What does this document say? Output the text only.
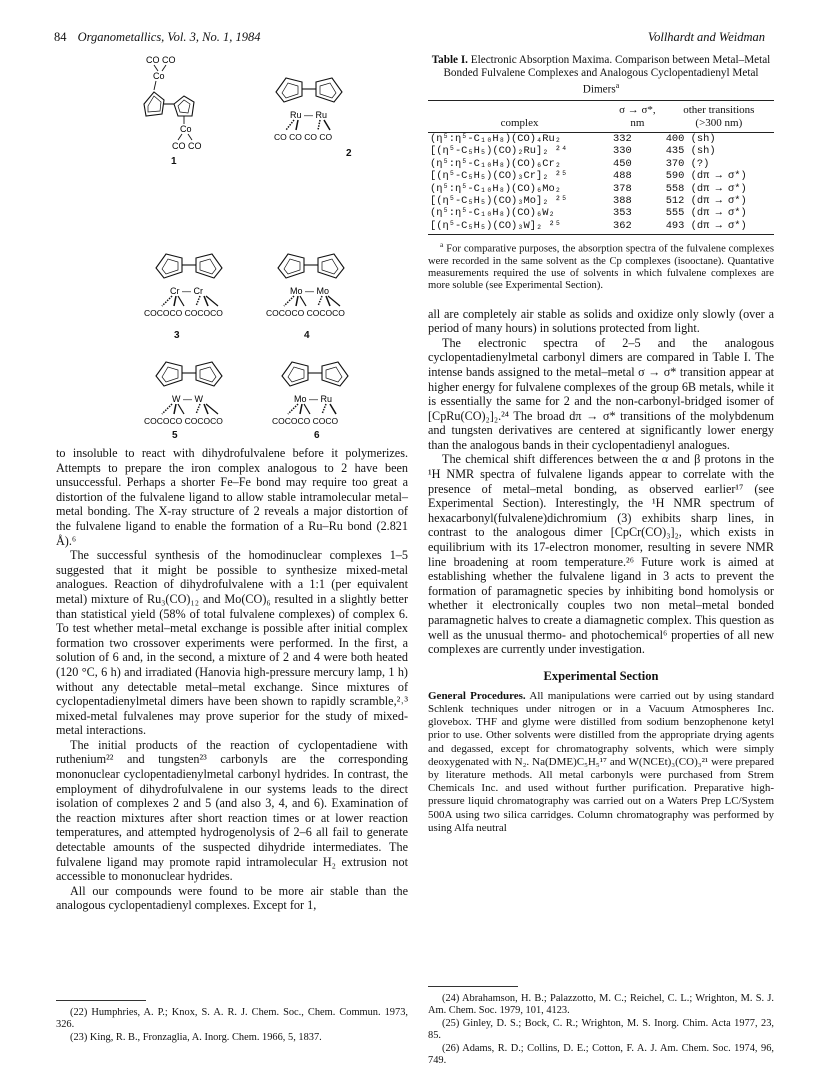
84 Organometallics, Vol. 3, No. 1, 1984	Vollhardt and Weidman
CO CO
Co
Co
CO CO
1
Ru — Ru
CO CO CO CO
2
Cr — Cr
COCOCO COCOCO
3
Mo — Mo
COCOCO COCOCO
4
W — W
COCOCO COCOCO
5
Mo — Ru
COCOCO COCO
6

to insoluble to react with dihydrofulvalene before it polymerizes. Attempts to prepare the iron complex analogous to 2 have been unsuccessful. Perhaps a shorter Fe–Fe bond may require too great a distortion of the fulvalene ligand to allow stable intramolecular metal–metal bonding. The X-ray structure of 2 reveals a major distortion of the fulvalene ligand to enable the formation of a Ru–Ru bond (2.821 Å).⁶

The successful synthesis of the homodinuclear complexes 1–5 suggested that it might be possible to synthesize mixed-metal analogues. Reaction of dihydrofulvalene with a 1:1 (per equivalent metal) mixture of Ru₃(CO)₁₂ and Mo(CO)₆ resulted in a slightly better than statistical yield (58% of total fulvalene complexes) of complex 6. To test whether metal–metal exchange is possible after initial complex formation two crossover experiments were performed. In the first, a solution of 6 and, in the second, a mixture of 2 and 4 were both heated (120 °C, 6 h) and irradiated (Hanovia high-pressure mercury lamp, 1 h) without any detectable metal–metal exchange. Since mixtures of cyclopentadienylmetal dimers have been shown to rapidly scramble,²˒³ mixed-metal fulvalenes may prove superior for the study of mixed-metal interactions.

The initial products of the reaction of cyclopentadiene with ruthenium²² and tungsten²³ carbonyls are the corresponding mononuclear cyclopentadienylmetal carbonyl hydrides. In contrast, the employment of dihydrofulvalene in our systems leads to the direct isolation of complexes 2 and 5 (and also 3, 4, and 6). Examination of the reaction mixtures after short reaction times or at lower reaction temperatures, and attempted hydrogenolysis of 2–6 all fail to generate detectable amounts of the suspected dihydride intermediates. The fulvalene ligand may promote rapid intramolecular H₂ extrusion not accessible to mononuclear hydrides.

All our compounds were found to be more air stable than the analogous cyclopentadienyl complexes. Except for 1,

Table I. Electronic Absorption Maxima. Comparison between Metal–Metal Bonded Fulvalene Complexes and Analogous Cyclopentadienyl Metal Dimers$^a$
	σ → σ*,	other transitions
complex	nm	(>300 nm)
(η⁵:η⁵-C₁₀H₈)(CO)₄Ru₂	332	400 (sh)
[(η⁵-C₅H₅)(CO)₂Ru]₂ ²⁴	330	435 (sh)
(η⁵:η⁵-C₁₀H₈)(CO)₆Cr₂	450	370 (?)
[(η⁵-C₅H₅)(CO)₃Cr]₂ ²⁵	488	590 (dπ → σ*)
(η⁵:η⁵-C₁₀H₈)(CO)₆Mo₂	378	558 (dπ → σ*)
[(η⁵-C₅H₅)(CO)₃Mo]₂ ²⁵	388	512 (dπ → σ*)
(η⁵:η⁵-C₁₀H₈)(CO)₆W₂	353	555 (dπ → σ*)
[(η⁵-C₅H₅)(CO)₃W]₂ ²⁵	362	493 (dπ → σ*)
$^a$ For comparative purposes, the absorption spectra of the fulvalene complexes were recorded in the same solvent as the Cp complexes (isooctane). Quantative measurements required the use of solvents in which fulvalene complexes are more soluble (see Experimental Section).

all are completely air stable as solids and oxidize only slowly (over a period of many hours) in solutions protected from light.

The electronic spectra of 2–5 and the analogous cyclopentadienylmetal carbonyl dimers are compared in Table I. The intense bands assigned to the metal–metal σ → σ* transition appear at higher energy for fulvalene complexes of the group 6B metals, while it is essentially the same for 2 and the non-carbonyl-bridged isomer of [CpRu(CO)₂]₂.²⁴ The broad dπ → σ* transitions of the molybdenum and tungsten derivatives are centered at significantly lower energy than the analogous bands in their cyclopentadienyl analogues.

The chemical shift differences between the α and β protons in the ¹H NMR spectra of fulvalene ligands appear to correlate with the presence of metal–metal bonding, as observed earlier¹⁷ (see Experimental Section). Interestingly, the ¹H NMR spectrum of hexacarbonyl(fulvalene)dichromium (3) exhibits sharp lines, in contrast to the analogous dimer [CpCr(CO)₃]₂, which exists in equilibrium with its 17-electron monomer, resulting in severe NMR line broadening at room temperature.²⁶ Future work is aimed at establishing whether the fulvalene ligand in 3 acts to prevent the formation of paramagnetic species by inhibiting bond homolysis or whether it electronically couples two non metal–metal bonded paramagnetic halves to create a diamagnetic complex. This question as well as the unusual thermo- and photochemical⁶ properties of all new complexes are currently under investigation.

Experimental Section
General Procedures. All manipulations were carried out by using standard Schlenk techniques under nitrogen or in a Vacuum Atmospheres Inc. glovebox. THF and glyme were distilled from sodium benzophenone ketyl prior to use. Other solvents were distilled from the appropriate drying agents and degassed, except for chromatography solvents, which were simply deoxygenated with N₂. Na(DME)C₅H₅¹⁷ and W(NCEt)₃(CO)₃²¹ were prepared by literature methods. All metal carbonyls were purchased from Strem Chemicals Inc. and used without further purification. Preparative high-pressure liquid chromatography was carried out on a Waters Prep LC/System 500A using two silica carridges. Column chromatography was performed by using Alfa neutral

(22) Humphries, A. P.; Knox, S. A. R. J. Chem. Soc., Chem. Commun. 1973, 326.

(23) King, R. B., Fronzaglia, A. Inorg. Chem. 1966, 5, 1837.

(24) Abrahamson, H. B.; Palazzotto, M. C.; Reichel, C. L.; Wrighton, M. S. J. Am. Chem. Soc. 1979, 101, 4123.

(25) Ginley, D. S.; Bock, C. R.; Wrighton, M. S. Inorg. Chim. Acta 1977, 23, 85.

(26) Adams, R. D.; Collins, D. E.; Cotton, F. A. J. Am. Chem. Soc. 1974, 96, 749.
